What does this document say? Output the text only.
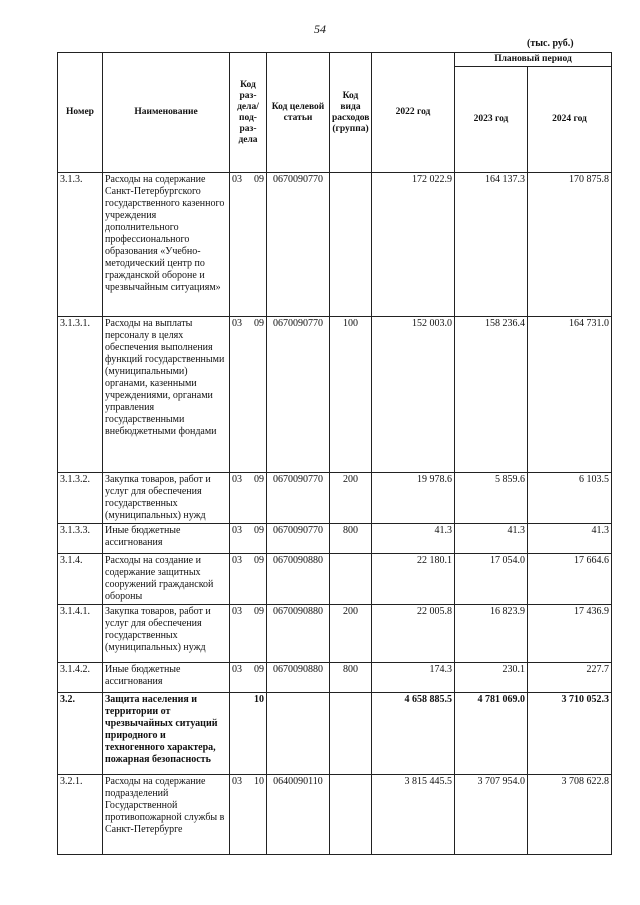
54
(тыс. руб.)
Номер	Наименование	Код раз-дела/ под-раз-дела	Код целевой статьи	Код вида расходов (группа)	2022 год	Плановый период	
						2023 год	2024 год
3.1.3.	Расходы на содержание Санкт-Петербургского государственного казенного учреждения дополнительного профессионального образования «Учебно-методический центр по гражданской обороне и чрезвычайным ситуациям»	03 09	0670090770		172 022.9	164 137.3	170 875.8
3.1.3.1.	Расходы на выплаты персоналу в целях обеспечения выполнения функций государственными (муниципальными) органами, казенными учреждениями, органами управления государственными внебюджетными фондами	03 09	0670090770	100	152 003.0	158 236.4	164 731.0
3.1.3.2.	Закупка товаров, работ и услуг для обеспечения государственных (муниципальных) нужд	03 09	0670090770	200	19 978.6	5 859.6	6 103.5
3.1.3.3.	Иные бюджетные ассигнования	03 09	0670090770	800	41.3	41.3	41.3
3.1.4.	Расходы на создание и содержание защитных сооружений гражданской обороны	03 09	0670090880		22 180.1	17 054.0	17 664.6
3.1.4.1.	Закупка товаров, работ и услуг для обеспечения государственных (муниципальных) нужд	03 09	0670090880	200	22 005.8	16 823.9	17 436.9
3.1.4.2.	Иные бюджетные ассигнования	03 09	0670090880	800	174.3	230.1	227.7
3.2.	Защита населения и территории от чрезвычайных ситуаций природного и техногенного характера, пожарная безопасность	10			4 658 885.5	4 781 069.0	3 710 052.3
3.2.1.	Расходы на содержание подразделений Государственной противопожарной службы в Санкт-Петербурге	03 10	0640090110		3 815 445.5	3 707 954.0	3 708 622.8
